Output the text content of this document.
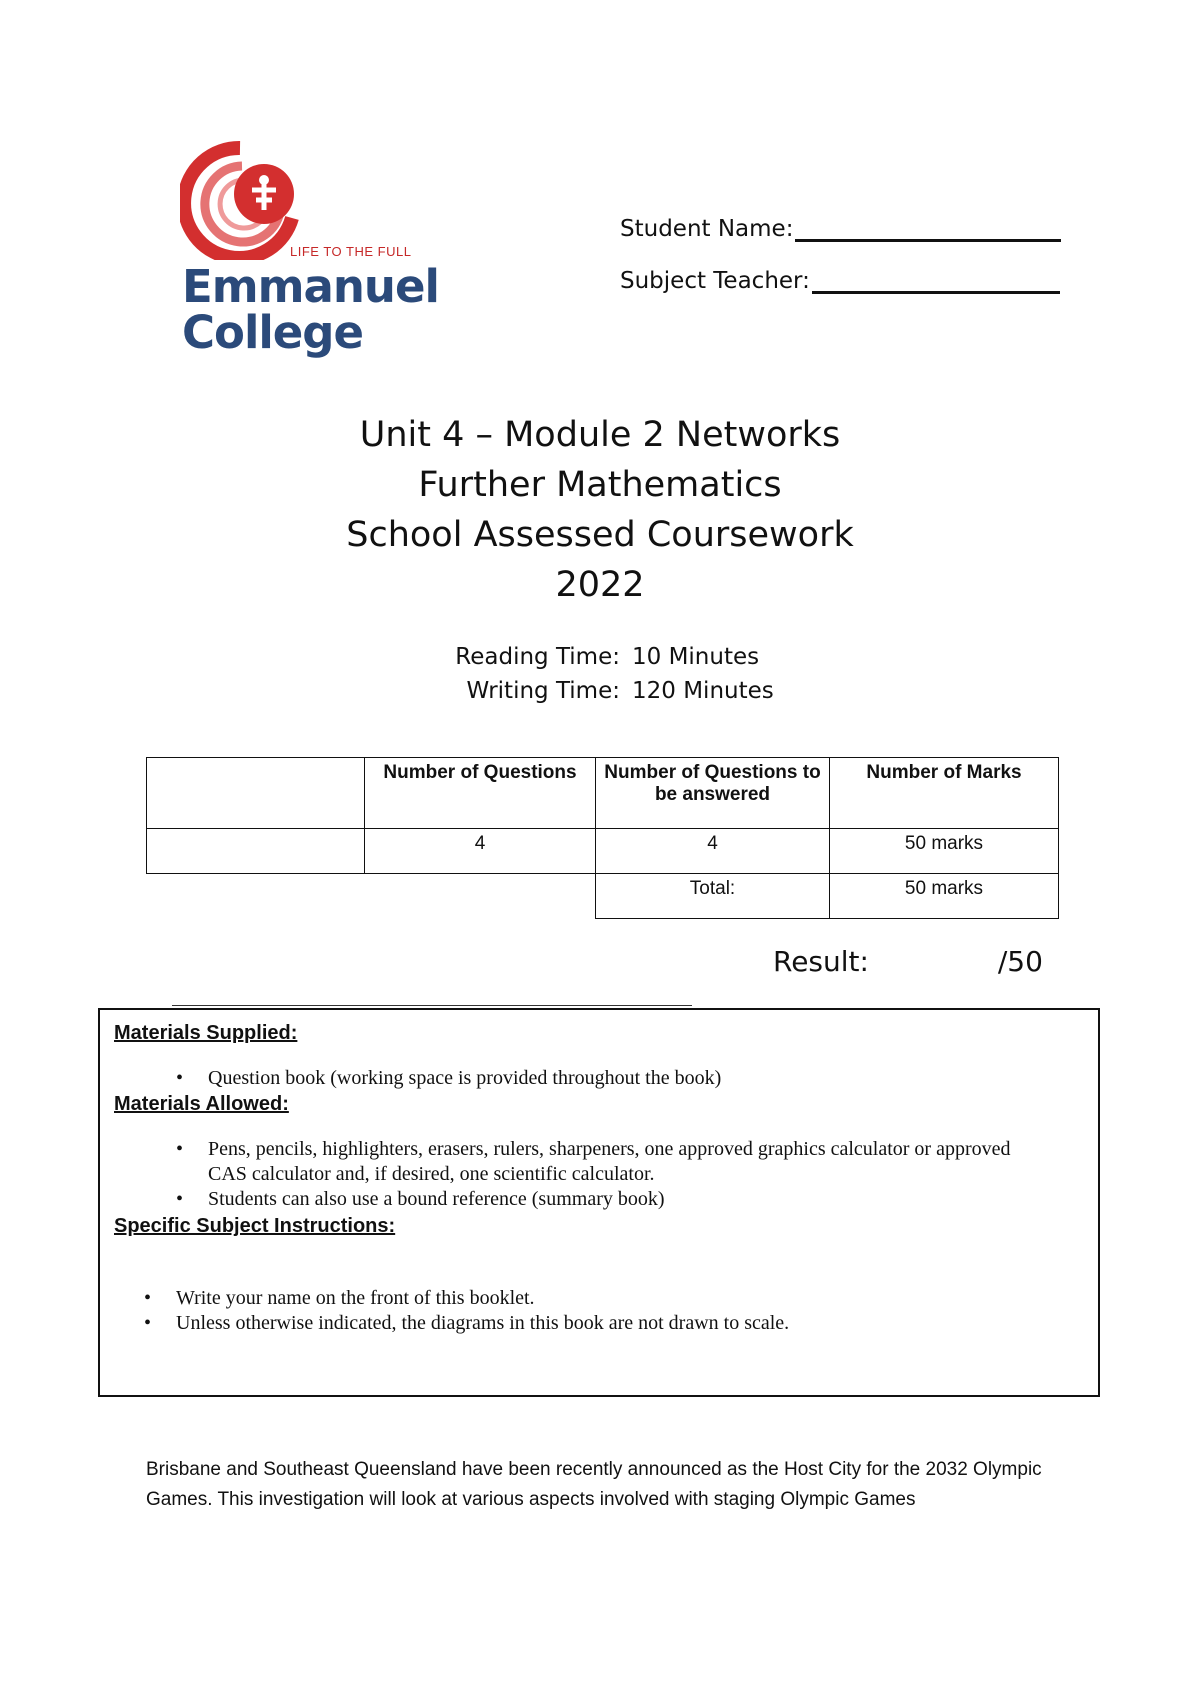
LIFE TO THE FULL
Emmanuel
College
Student Name:
Subject Teacher:
Unit 4 – Module 2 Networks
Further Mathematics
School Assessed Coursework
2022
Reading Time: 10 Minutes
Writing Time: 120 Minutes
	Number of Questions	Number of Questions to be answered	Number of Marks
	4	4	50 marks
		Total:	50 marks
Result:	/50
Materials Supplied:
• Question book (working space is provided throughout the book)
Materials Allowed:
• Pens, pencils, highlighters, erasers, rulers, sharpeners, one approved graphics calculator or approved CAS calculator and, if desired, one scientific calculator.
• Students can also use a bound reference (summary book)
Specific Subject Instructions:
• Write your name on the front of this booklet.
• Unless otherwise indicated, the diagrams in this book are not drawn to scale.
Brisbane and Southeast Queensland have been recently announced as the Host City for the 2032 Olympic Games. This investigation will look at various aspects involved with staging Olympic Games
